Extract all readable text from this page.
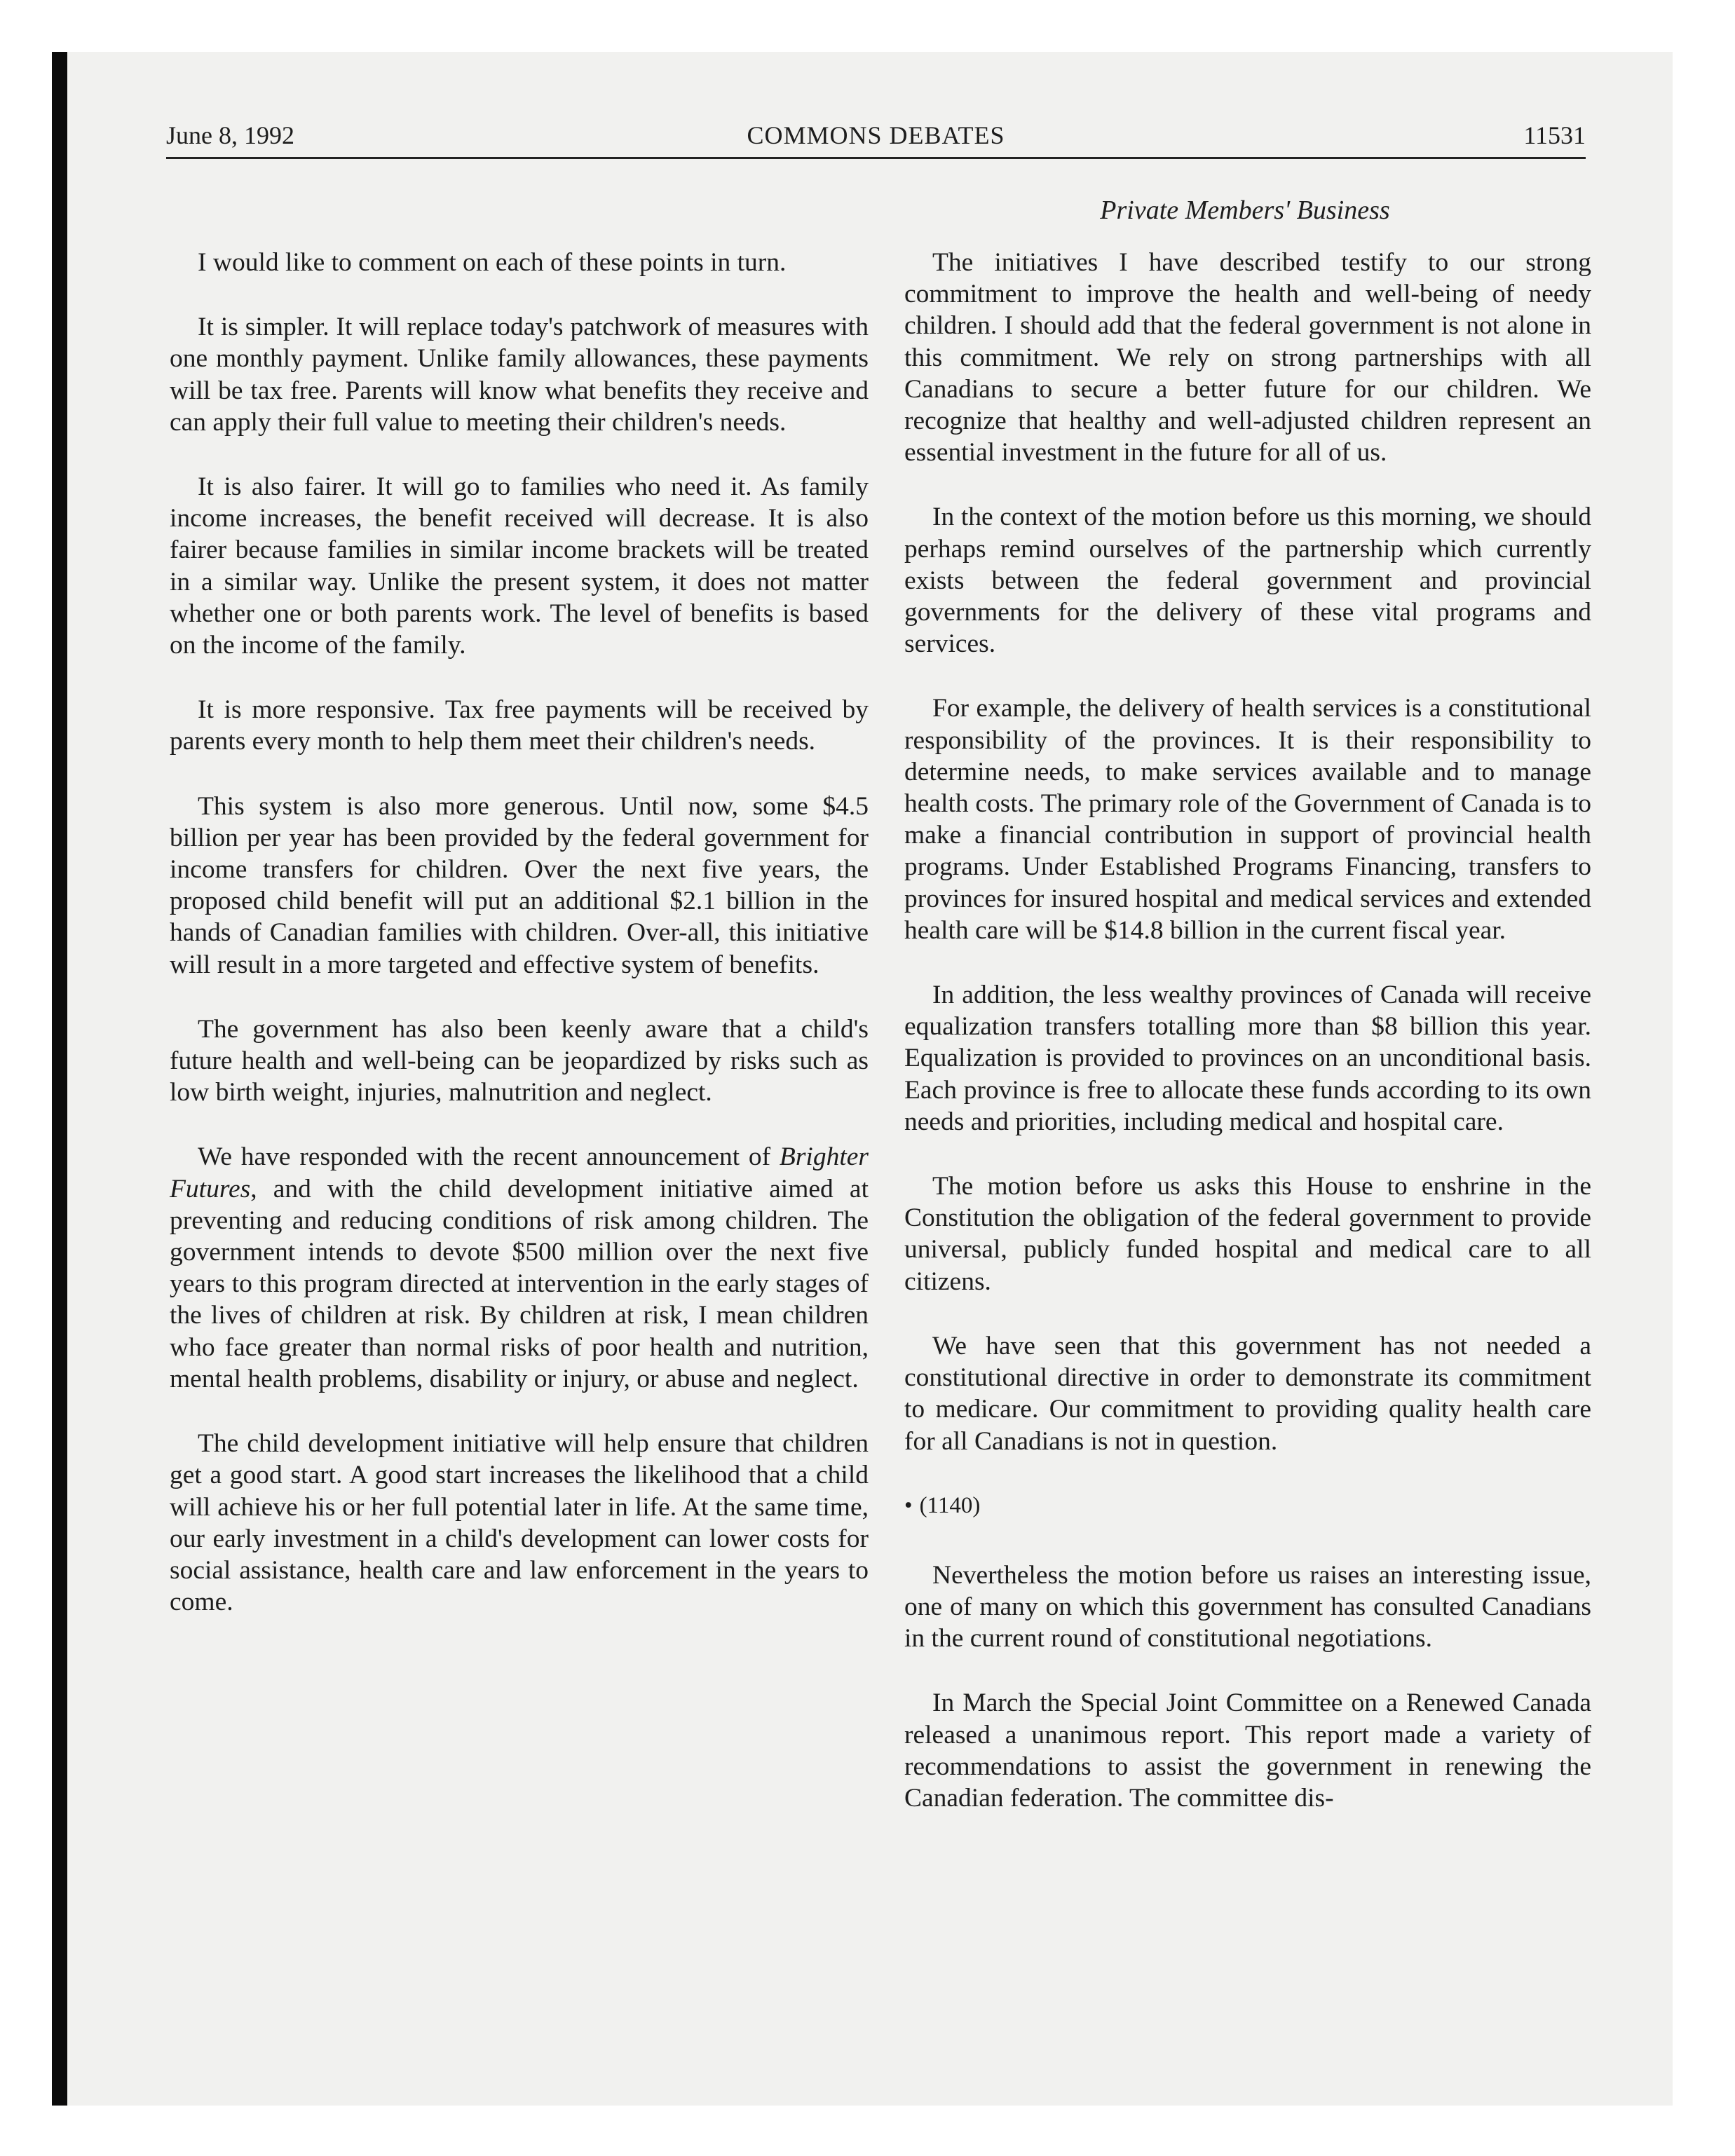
June 8, 1992	COMMONS DEBATES	11531
Private Members' Business

I would like to comment on each of these points in turn.

It is simpler. It will replace today's patchwork of measures with one monthly payment. Unlike family allowances, these payments will be tax free. Parents will know what benefits they receive and can apply their full value to meeting their children's needs.

It is also fairer. It will go to families who need it. As family income increases, the benefit received will decrease. It is also fairer because families in similar income brackets will be treated in a similar way. Unlike the present system, it does not matter whether one or both parents work. The level of benefits is based on the income of the family.

It is more responsive. Tax free payments will be received by parents every month to help them meet their children's needs.

This system is also more generous. Until now, some $4.5 billion per year has been provided by the federal government for income transfers for children. Over the next five years, the proposed child benefit will put an additional $2.1 billion in the hands of Canadian families with children. Over-all, this initiative will result in a more targeted and effective system of benefits.

The government has also been keenly aware that a child's future health and well-being can be jeopardized by risks such as low birth weight, injuries, malnutrition and neglect.

We have responded with the recent announcement of Brighter Futures, and with the child development initiative aimed at preventing and reducing conditions of risk among children. The government intends to devote $500 million over the next five years to this program directed at intervention in the early stages of the lives of children at risk. By children at risk, I mean children who face greater than normal risks of poor health and nutrition, mental health problems, disability or injury, or abuse and neglect.

The child development initiative will help ensure that children get a good start. A good start increases the likelihood that a child will achieve his or her full potential later in life. At the same time, our early investment in a child's development can lower costs for social assistance, health care and law enforcement in the years to come.

The initiatives I have described testify to our strong commitment to improve the health and well-being of needy children. I should add that the federal government is not alone in this commitment. We rely on strong partnerships with all Canadians to secure a better future for our children. We recognize that healthy and well-adjusted children represent an essential investment in the future for all of us.

In the context of the motion before us this morning, we should perhaps remind ourselves of the partnership which currently exists between the federal government and provincial governments for the delivery of these vital programs and services.

For example, the delivery of health services is a constitutional responsibility of the provinces. It is their responsibility to determine needs, to make services available and to manage health costs. The primary role of the Government of Canada is to make a financial contribution in support of provincial health programs. Under Established Programs Financing, transfers to provinces for insured hospital and medical services and extended health care will be $14.8 billion in the current fiscal year.

In addition, the less wealthy provinces of Canada will receive equalization transfers totalling more than $8 billion this year. Equalization is provided to provinces on an unconditional basis. Each province is free to allocate these funds according to its own needs and priorities, including medical and hospital care.

The motion before us asks this House to enshrine in the Constitution the obligation of the federal government to provide universal, publicly funded hospital and medical care to all citizens.

We have seen that this government has not needed a constitutional directive in order to demonstrate its commitment to medicare. Our commitment to providing quality health care for all Canadians is not in question.

• (1140)

Nevertheless the motion before us raises an interesting issue, one of many on which this government has consulted Canadians in the current round of constitutional negotiations.

In March the Special Joint Committee on a Renewed Canada released a unanimous report. This report made a variety of recommendations to assist the government in renewing the Canadian federation. The committee dis-
